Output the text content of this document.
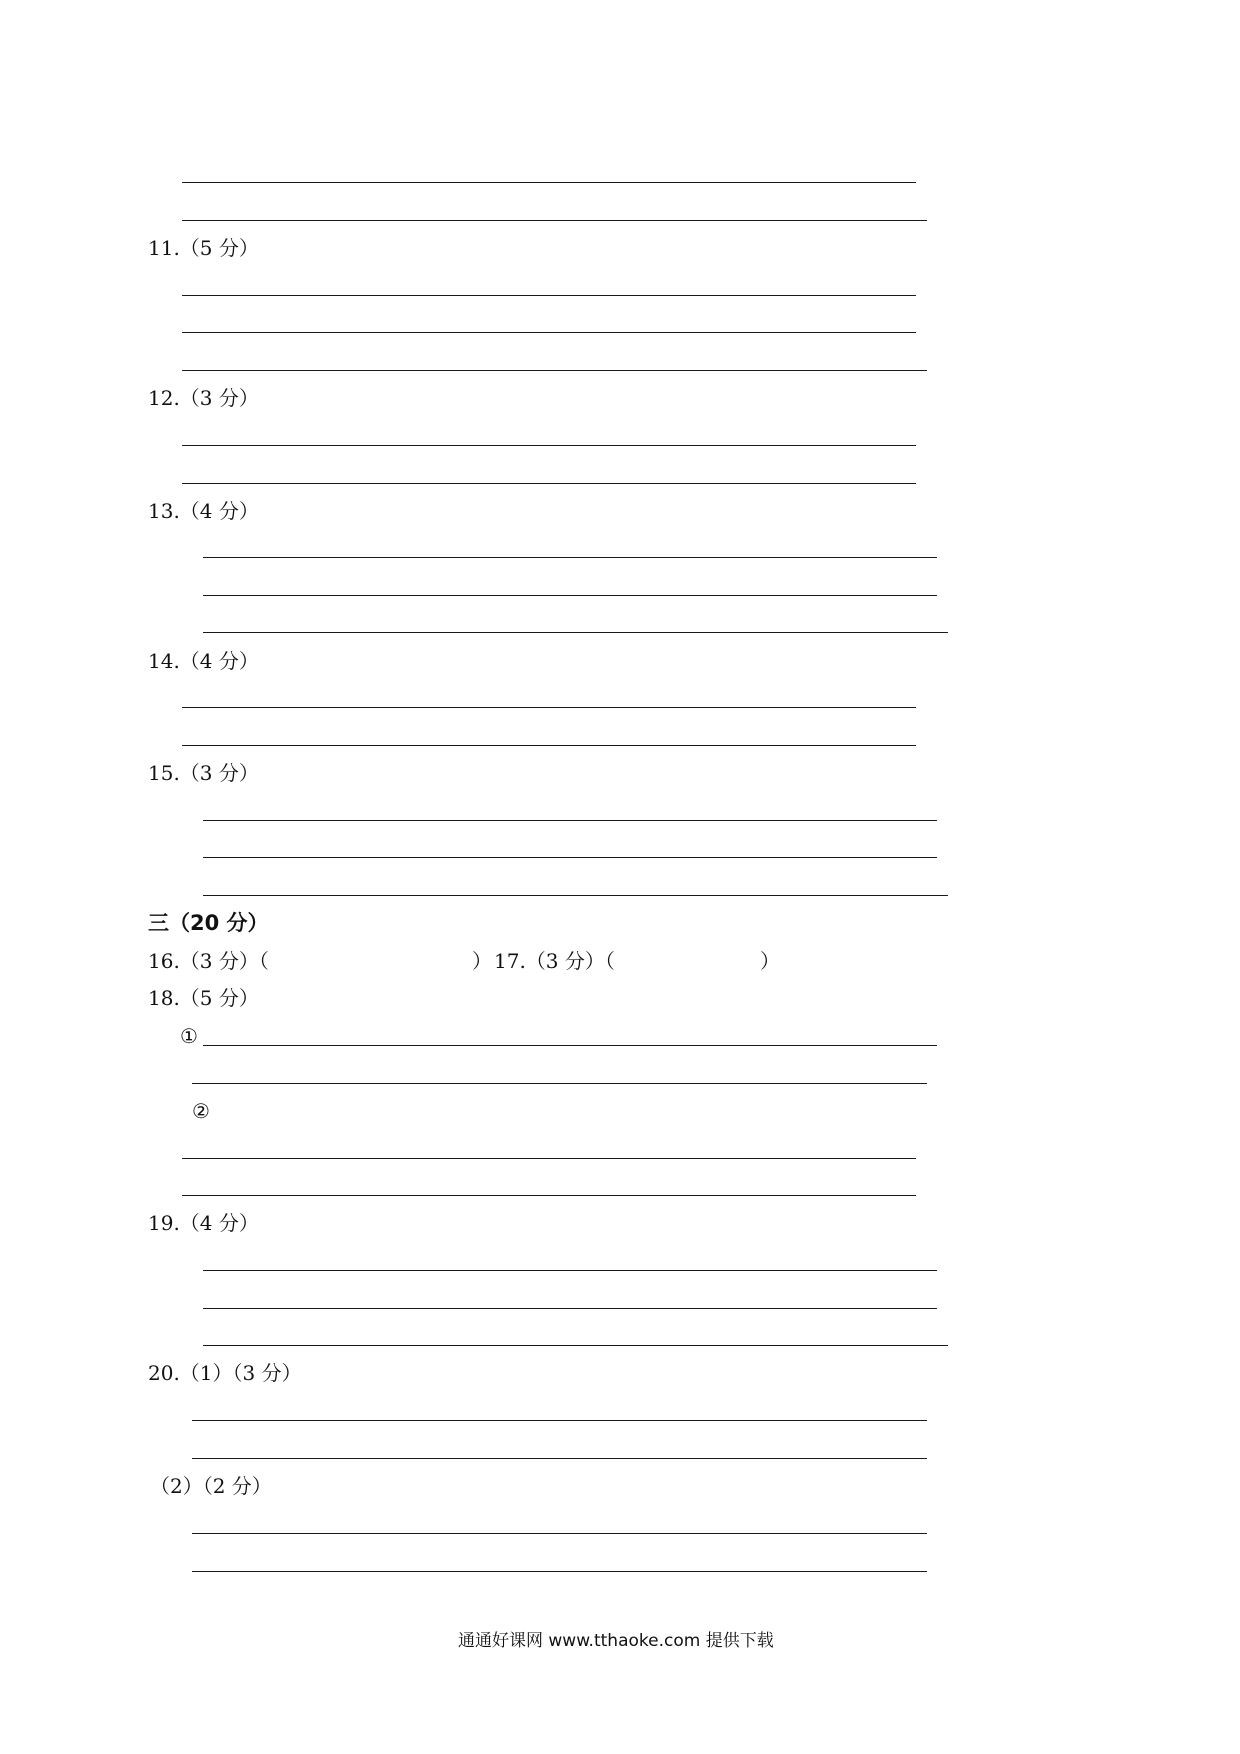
11.（5 分）
12.（3 分）
13.（4 分）
14.（4 分）
15.（3 分）
三（20 分）
16.（3 分）（	） 17.（3 分）（	）
18.（5 分）
①
②
19.（4 分）
20.（1）（3 分）
（2）（2 分）
通通好课网 www.tthaoke.com 提供下载
